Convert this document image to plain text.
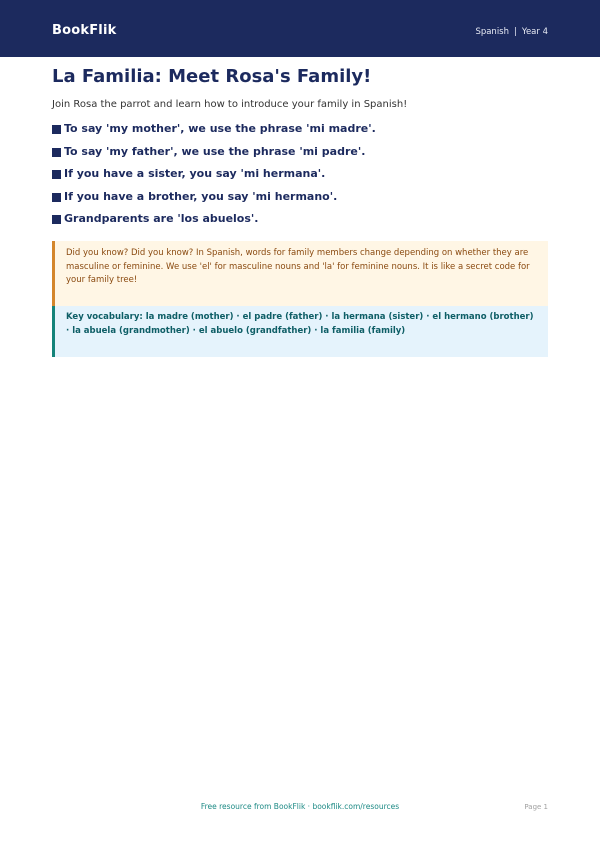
BookFlik	Spanish | Year 4
La Familia: Meet Rosa's Family!
Join Rosa the parrot and learn how to introduce your family in Spanish!
To say 'my mother', we use the phrase 'mi madre'.
To say 'my father', we use the phrase 'mi padre'.
If you have a sister, you say 'mi hermana'.
If you have a brother, you say 'mi hermano'.
Grandparents are 'los abuelos'.
Did you know? Did you know? In Spanish, words for family members change depending on whether they are masculine or feminine. We use 'el' for masculine nouns and 'la' for feminine nouns. It is like a secret code for your family tree!
Key vocabulary: la madre (mother) · el padre (father) · la hermana (sister) · el hermano (brother) · la abuela (grandmother) · el abuelo (grandfather) · la familia (family)
Free resource from BookFlik · bookflik.com/resources	Page 1
